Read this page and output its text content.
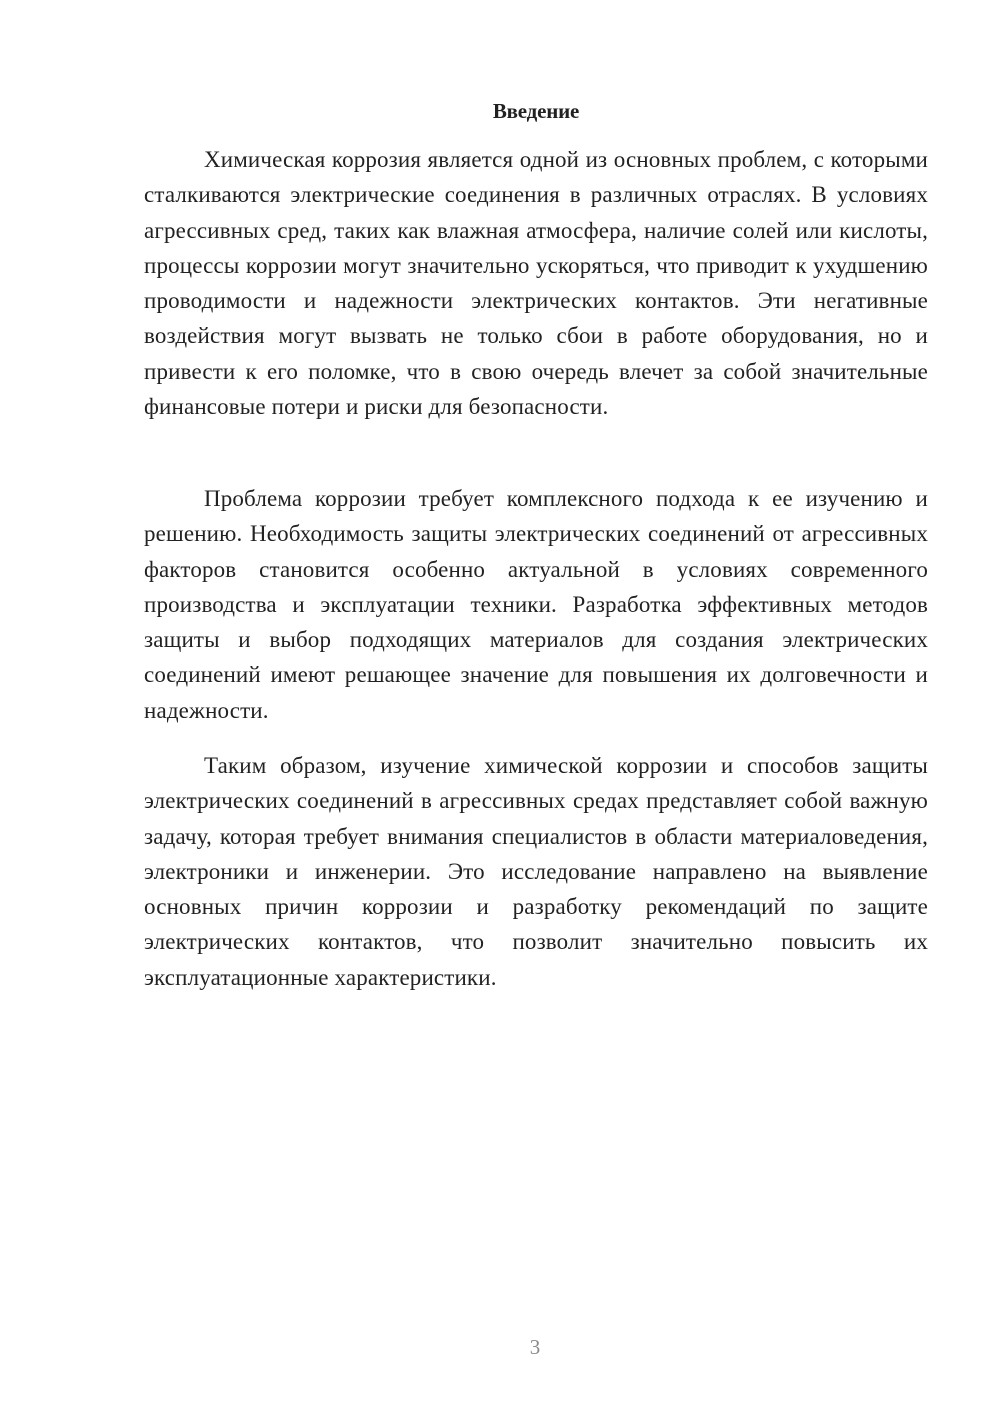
Введение

Химическая коррозия является одной из основных проблем, с которыми сталкиваются электрические соединения в различных отраслях. В условиях агрессивных сред, таких как влажная атмосфера, наличие солей или кислоты, процессы коррозии могут значительно ускоряться, что приводит к ухудшению проводимости и надежности электрических контактов. Эти негативные воздействия могут вызвать не только сбои в работе оборудования, но и привести к его поломке, что в свою очередь влечет за собой значительные финансовые потери и риски для безопасности.

Проблема коррозии требует комплексного подхода к ее изучению и решению. Необходимость защиты электрических соединений от агрессивных факторов становится особенно актуальной в условиях современного производства и эксплуатации техники. Разработка эффективных методов защиты и выбор подходящих материалов для создания электрических соединений имеют решающее значение для повышения их долговечности и надежности.

Таким образом, изучение химической коррозии и способов защиты электрических соединений в агрессивных средах представляет собой важную задачу, которая требует внимания специалистов в области материаловедения, электроники и инженерии. Это исследование направлено на выявление основных причин коррозии и разработку рекомендаций по защите электрических контактов, что позволит значительно повысить их эксплуатационные характеристики.

3
